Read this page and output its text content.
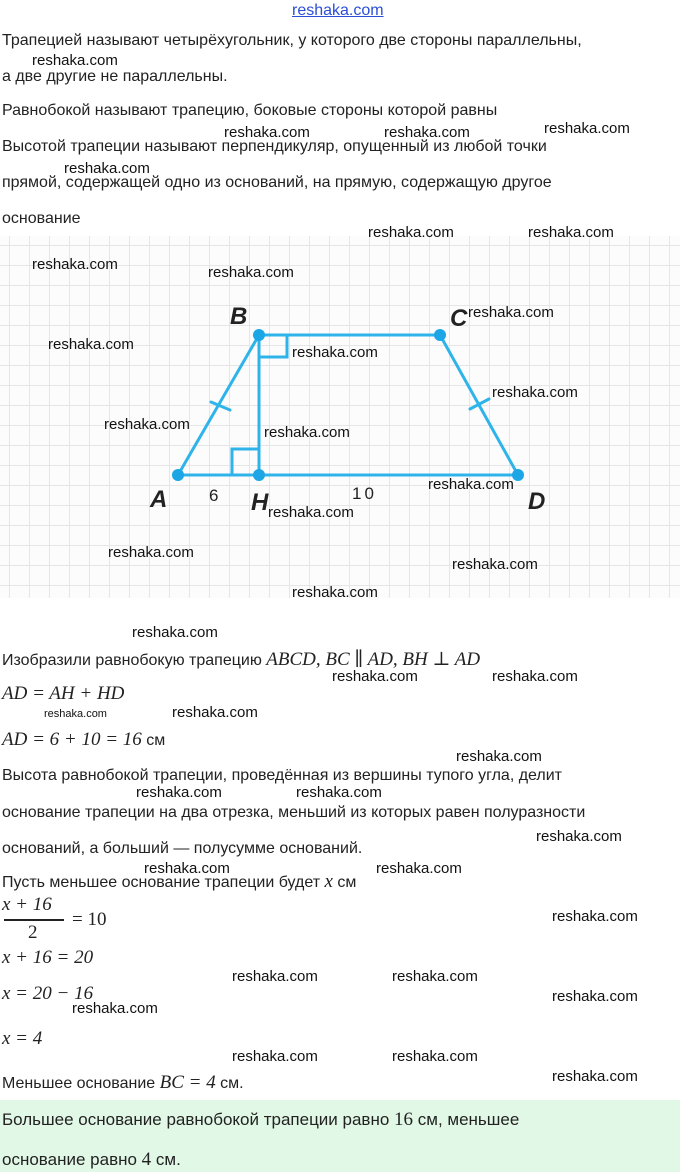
reshaka.com
Трапецией называют четырёхугольник, у которого две стороны параллельны,
а две другие не параллельны.
Равнобокой называют трапецию, боковые стороны которой равны
Высотой трапеции называют перпендикуляр, опущенный из любой точки
прямой, содержащей одно из оснований, на прямую, содержащую другое
основание
A
B	C
D
H
6	10
Изобразили равнобокую трапецию ABCD, BC ∥ AD, BH ⊥ AD
AD = AH + HD
AD = 6 + 10 = 16 см
Высота равнобокой трапеции, проведённая из вершины тупого угла, делит
основание трапеции на два отрезка, меньший из которых равен полуразности
оснований, а больший — полусумме оснований.
Пусть меньшее основание трапеции будет x см
x + 16
2
= 10
x + 16 = 20
x = 20 − 16
x = 4
Меньшее основание BC = 4 см.
Большее основание равнобокой трапеции равно 16 см, меньшее
основание равно 4 см.
reshaka.com
reshaka.com	reshaka.com	reshaka.com
reshaka.com
reshaka.com	reshaka.com
reshaka.com	reshaka.com
reshaka.com
reshaka.com	reshaka.com
reshaka.com
reshaka.com	reshaka.com
reshaka.com
reshaka.com
reshaka.com
reshaka.com
reshaka.com
reshaka.com
reshaka.com	reshaka.com
reshaka.com	reshaka.com
reshaka.com
reshaka.com	reshaka.com
reshaka.com
reshaka.com	reshaka.com
reshaka.com
reshaka.com	reshaka.com
reshaka.com
reshaka.com
reshaka.com	reshaka.com
reshaka.com
